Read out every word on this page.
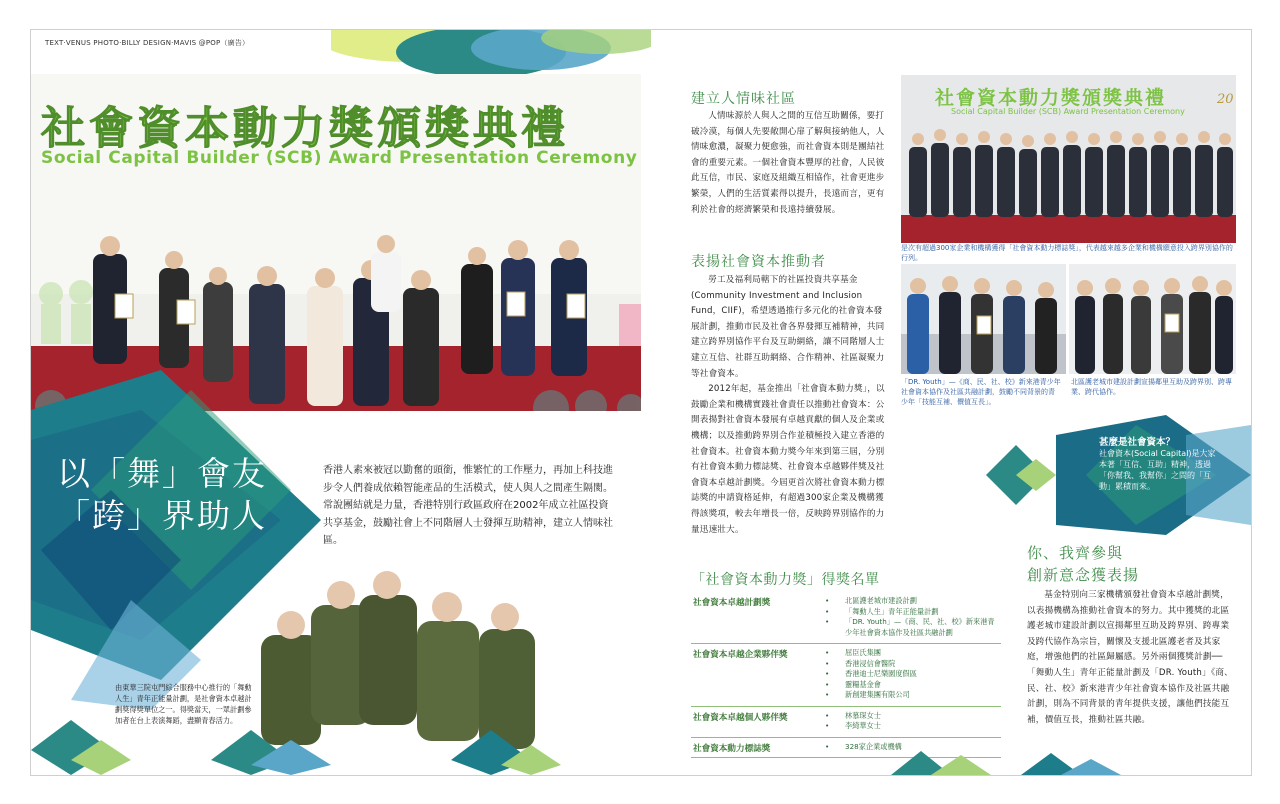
TEXT‧VENUS PHOTO‧BILLY DESIGN‧MAVIS @POP（廣告）
社會資本動力獎頒獎典禮
Social Capital Builder (SCB) Award Presentation Ceremony
以「舞」會友
「跨」界助人
香港人素來被冠以勤奮的頭銜，惟繁忙的工作壓力，再加上科技進步令人們養成依賴智能產品的生活模式，使人與人之間產生隔閡。常說團結就是力量，香港特別行政區政府在2002年成立社區投資共享基金，鼓勵社會上不同階層人士發揮互助精神，建立人情味社區。
由東華三院屯門綜合服務中心推行的「舞動人生」青年正能量計劃，是社會資本卓越計劃獎得獎單位之一。得獎當天，一眾計劃參加者在台上表演舞蹈，盡顯青春活力。
建立人情味社區

人情味源於人與人之間的互信互助關係，要打破冷漠，每個人先要敞開心扉了解與接納他人，人情味愈濃，凝聚力便愈強，而社會資本則是團結社會的重要元素。一個社會資本豐厚的社會，人民彼此互信，市民、家庭及組織互相協作，社會更進步繁榮，人們的生活質素得以提升，長遠而言，更有利於社會的經濟繁榮和長遠持續發展。

表揚社會資本推動者

勞工及福利局轄下的社區投資共享基金(Community Investment and Inclusion Fund，CIIF)，希望透過推行多元化的社會資本發展計劃，推動市民及社會各界發揮互補精神，共同建立跨界別協作平台及互助網絡，讓不同階層人士建立互信、社群互助網絡、合作精神、社區凝聚力等社會資本。

2012年起，基金推出「社會資本動力獎」，以鼓勵企業和機構實踐社會責任以推動社會資本：公開表揚對社會資本發展有卓越貢獻的個人及企業或機構；以及推動跨界別合作並積極投入建立香港的社會資本。社會資本動力獎今年來到第三屆，分別有社會資本動力標誌獎、社會資本卓越夥伴獎及社會資本卓越計劃獎。今屆更首次將社會資本動力標誌獎的申請資格延伸，有超過300家企業及機構獲得該獎項，較去年增長一倍，反映跨界別協作的力量迅速壯大。

「社會資本動力獎」得獎名單
社會資本卓越計劃獎	• 北區護老城市建設計劃
• 「舞動人生」青年正能量計劃
• 「DR. Youth」—《商、民、社、校》新來港青少年社會資本協作及社區共融計劃
社會資本卓越企業夥伴獎	• 屈臣氏集團
• 香港浸信會醫院
• 香港迪士尼樂園度假區
• 靈糧基金會
• 新創建集團有限公司
社會資本卓越個人夥伴獎	• 林慕琛女士
• 李綺華女士
社會資本動力標誌獎	• 328家企業或機構
社會資本動力獎頒獎典禮
Social Capital Builder (SCB) Award Presentation Ceremony
20
是次有超過300家企業和機構獲得「社會資本動力標誌獎」，代表越來越多企業和機構願意投入跨界別協作的行列。
「DR. Youth」—《商、民、社、校》新來港青少年社會資本協作及社區共融計劃，鼓勵不同背景的青少年「技能互補、價值互長」。
北區護老城市建設計劃宣揚鄰里互助及跨界別、跨專業、跨代協作。
甚麼是社會資本？
社會資本(Social Capital)是大家本著「互信、互助」精神，透過「你幫我、我幫你」之間的「互動」累積而來。
你、我齊參與
創新意念獲表揚

基金特別向三家機構頒發社會資本卓越計劃獎，以表揚機構為推動社會資本的努力。其中獲獎的北區護老城市建設計劃以宣揚鄰里互助及跨界別、跨專業及跨代協作為宗旨，關懷及支援北區護老者及其家庭，增強他們的社區歸屬感。另外兩個獲獎計劃──「舞動人生」青年正能量計劃及「DR. Youth」《商、民、社、校》新來港青少年社會資本協作及社區共融計劃，則為不同背景的青年提供支援，讓他們技能互補，價值互長，推動社區共融。
